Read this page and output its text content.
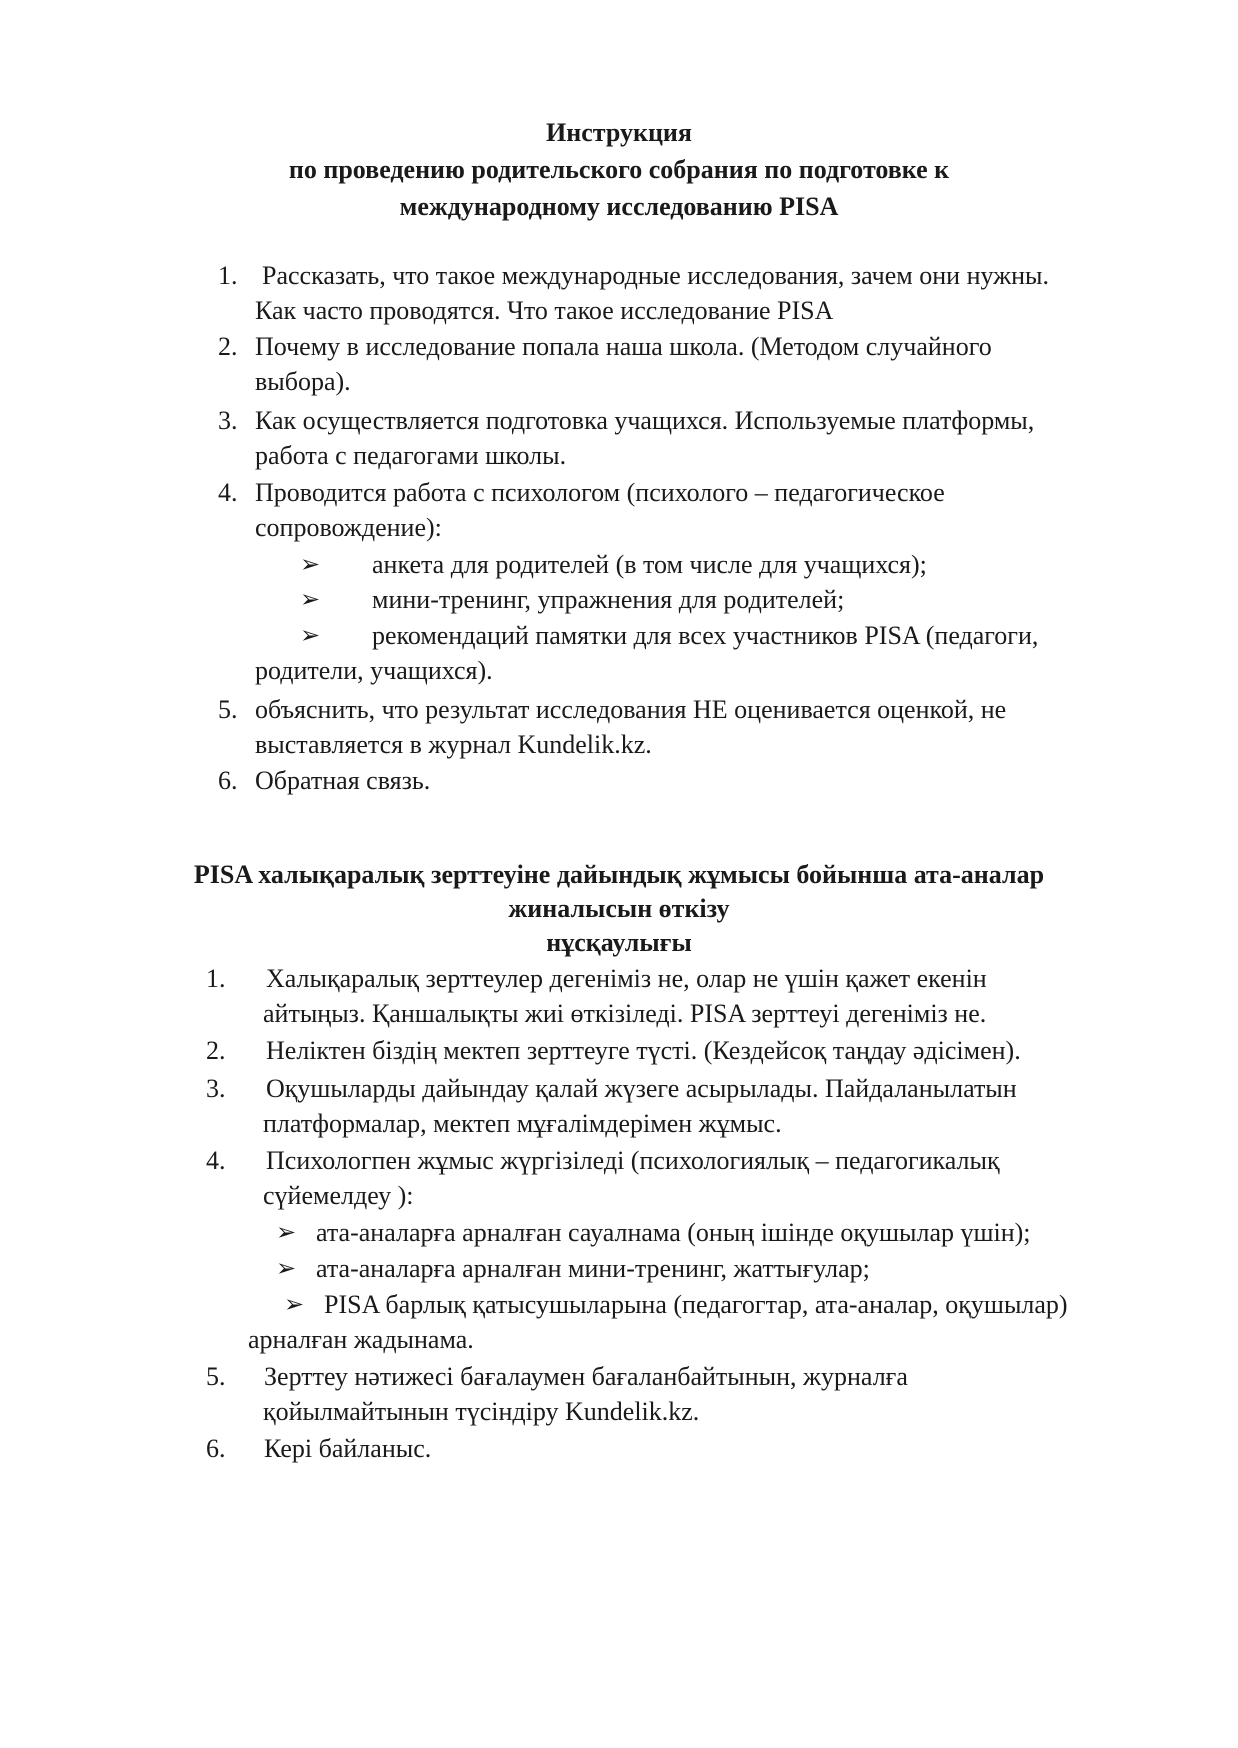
Инструкция
по проведению родительского собрания по подготовке к
международному исследованию PISA
1. Рассказать, что такое международные исследования, зачем они нужны.
Как часто проводятся. Что такое исследование PISA
2. Почему в исследование попала наша школа. (Методом случайного
выбора).
3. Как осуществляется подготовка учащихся. Используемые платформы,
работа с педагогами школы.
4. Проводится работа с психологом (психолого – педагогическое
сопровождение):
➢ анкета для родителей (в том числе для учащихся);
➢ мини-тренинг, упражнения для родителей;
➢ рекомендаций памятки для всех участников PISA (педагоги,
родители, учащихся).
5. объяснить, что результат исследования НЕ оценивается оценкой, не
выставляется в журнал Kundelik.kz.
6. Обратная связь.
PISA халықаралық зерттеуіне дайындық жұмысы бойынша ата-аналар
жиналысын өткізу
нұсқаулығы
1. Халықаралық зерттеулер дегеніміз не, олар не үшін қажет екенін
айтыңыз. Қаншалықты жиі өткізіледі. PISA зерттеуі дегеніміз не.
2. Неліктен біздің мектеп зерттеуге түсті. (Кездейсоқ таңдау әдісімен).
3. Оқушыларды дайындау қалай жүзеге асырылады. Пайдаланылатын
платформалар, мектеп мұғалімдерімен жұмыс.
4. Психологпен жұмыс жүргізіледі (психологиялық – педагогикалық
сүйемелдеу ):
➢ ата-аналарға арналған сауалнама (оның ішінде оқушылар үшін);
➢ ата-аналарға арналған мини-тренинг, жаттығулар;
➢ PISA барлық қатысушыларына (педагогтар, ата-аналар, оқушылар)
арналған жадынама.
5. Зерттеу нәтижесі бағалаумен бағаланбайтынын, журналға
қойылмайтынын түсіндіру Kundelik.kz.
6. Кері байланыс.
